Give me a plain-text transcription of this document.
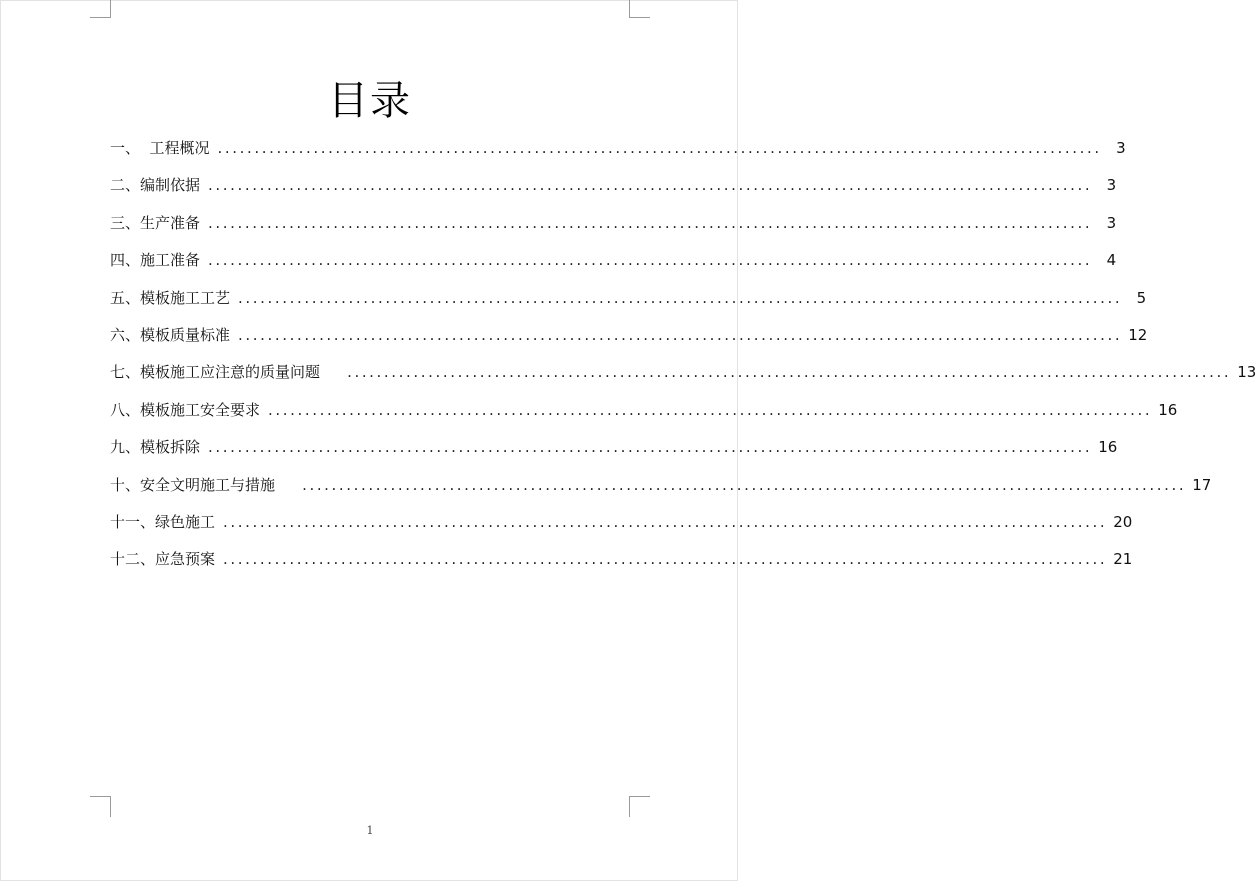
目录
一、  工程概况 ........................................................................................................................ 3
二、编制依据 ........................................................................................................................ 3
三、生产准备 ........................................................................................................................ 3
四、施工准备 ........................................................................................................................ 4
五、模板施工工艺 ........................................................................................................................ 5
六、模板质量标准 ........................................................................................................................ 12
七、模板施工应注意的质量问题 ........................................................................................................................ 13
八、模板施工安全要求 ........................................................................................................................ 16
九、模板拆除 ........................................................................................................................ 16
十、安全文明施工与措施 ........................................................................................................................ 17
十一、绿色施工 ........................................................................................................................ 20
十二、应急预案 ........................................................................................................................ 21
1
